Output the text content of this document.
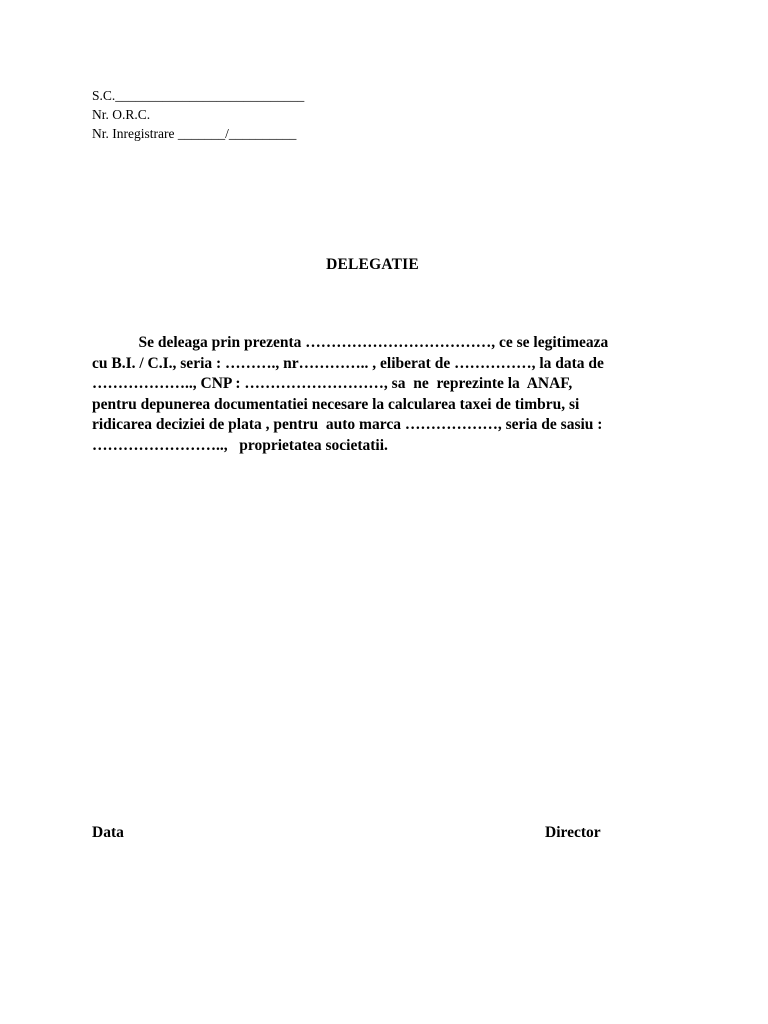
S.C.____________________________
Nr. O.R.C.
Nr. Inregistrare _______/__________
DELEGATIE
Se deleaga prin prezenta ………………………………, ce se legitimeaza
cu B.I. / C.I., seria : ………., nr………….. , eliberat de ……………, la data de
……………….., CNP : ………………………, sa  ne  reprezinte la  ANAF,
pentru depunerea documentatiei necesare la calcularea taxei de timbru, si
ridicarea deciziei de plata , pentru  auto marca ………………, seria de sasiu :
……………………..,   proprietatea societatii.
Data	Director
